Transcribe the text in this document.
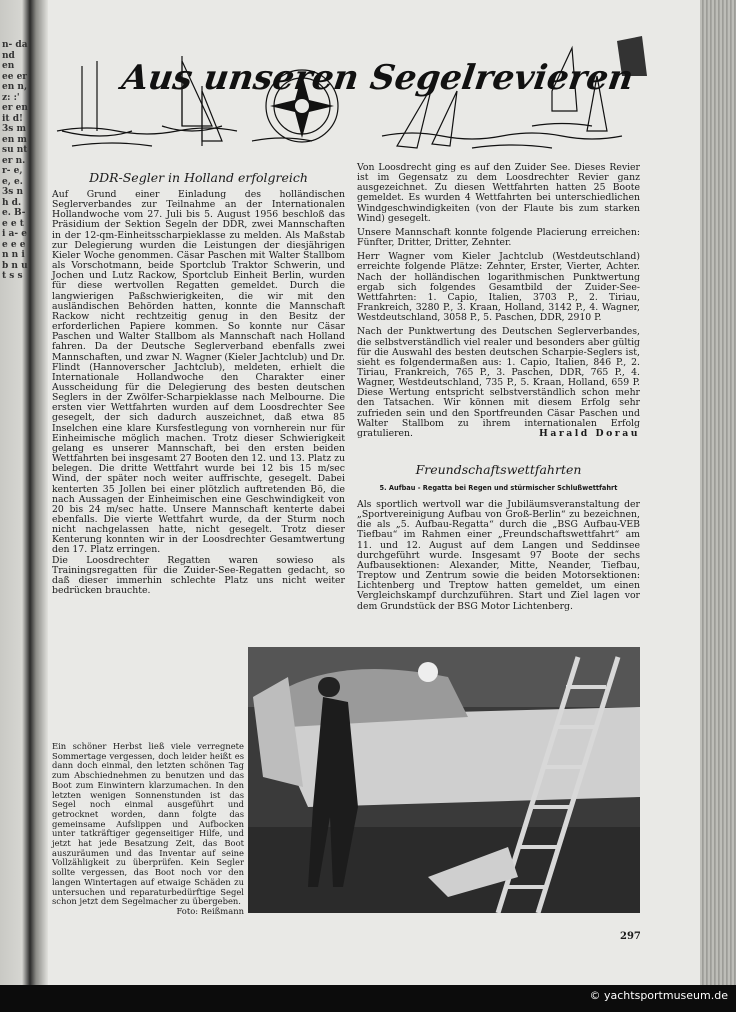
n- da nd en ee er en n, z: :' er en it d! 3s m en m su nt er n. r- e, e, e. 3s n h d. e. B- e e t i a- e e e e n n i b n u t s s
Aus unseren Segelrevieren
DDR-Segler in Holland erfolgreich

Auf Grund einer Einladung des holländischen Seglerverbandes zur Teilnahme an der Internationalen Hollandwoche vom 27. Juli bis 5. August 1956 beschloß das Präsidium der Sektion Segeln der DDR, zwei Mannschaften in der 12-qm-Einheitsscharpieklasse zu melden. Als Maßstab zur Delegierung wurden die Leistungen der diesjährigen Kieler Woche genommen. Cäsar Paschen mit Walter Stallbom als Vorschotmann, beide Sportclub Traktor Schwerin, und Jochen und Lutz Rackow, Sportclub Einheit Berlin, wurden für diese wertvollen Regatten gemeldet. Durch die langwierigen Paßschwierigkeiten, die wir mit den ausländischen Behörden hatten, konnte die Mannschaft Rackow nicht rechtzeitig genug in den Besitz der erforderlichen Papiere kommen. So konnte nur Cäsar Paschen und Walter Stallbom als Mannschaft nach Holland fahren. Da der Deutsche Seglerverband ebenfalls zwei Mannschaften, und zwar N. Wagner (Kieler Jachtclub) und Dr. Flindt (Hannoverscher Jachtclub), meldeten, erhielt die Internationale Hollandwoche den Charakter einer Ausscheidung für die Delegierung des besten deutschen Seglers in der Zwölfer-Scharpieklasse nach Melbourne. Die ersten vier Wettfahrten wurden auf dem Loosdrechter See gesegelt, der sich dadurch auszeichnet, daß etwa 85 Inselchen eine klare Kursfestlegung von vornherein nur für Einheimische möglich machen. Trotz dieser Schwierigkeit gelang es unserer Mannschaft, bei den ersten beiden Wettfahrten bei insgesamt 27 Booten den 12. und 13. Platz zu belegen. Die dritte Wettfahrt wurde bei 12 bis 15 m/sec Wind, der später noch weiter auffrischte, gesegelt. Dabei kenterten 35 Jollen bei einer plötzlich auftretenden Bö, die nach Aussagen der Einheimischen eine Geschwindigkeit von 20 bis 24 m/sec hatte. Unsere Mannschaft kenterte dabei ebenfalls. Die vierte Wettfahrt wurde, da der Sturm noch nicht nachgelassen hatte, nicht gesegelt. Trotz dieser Kenterung konnten wir in der Loosdrechter Gesamtwertung den 17. Platz erringen.

Die Loosdrechter Regatten waren sowieso als Trainingsregatten für die Zuider-See-Regatten gedacht, so daß dieser immerhin schlechte Platz uns nicht weiter bedrücken brauchte.

Von Loosdrecht ging es auf den Zuider See. Dieses Revier ist im Gegensatz zu dem Loosdrechter Revier ganz ausgezeichnet. Zu diesen Wettfahrten hatten 25 Boote gemeldet. Es wurden 4 Wettfahrten bei unterschiedlichen Windgeschwindigkeiten (von der Flaute bis zum starken Wind) gesegelt.

Unsere Mannschaft konnte folgende Placierung erreichen: Fünfter, Dritter, Dritter, Zehnter.

Herr Wagner vom Kieler Jachtclub (Westdeutschland) erreichte folgende Plätze: Zehnter, Erster, Vierter, Achter. Nach der holländischen logarithmischen Punktwertung ergab sich folgendes Gesamtbild der Zuider-See-Wettfahrten: 1. Capio, Italien, 3703 P., 2. Tiriau, Frankreich, 3280 P., 3. Kraan, Holland, 3142 P., 4. Wagner, Westdeutschland, 3058 P., 5. Paschen, DDR, 2910 P.

Nach der Punktwertung des Deutschen Seglerverbandes, die selbstverständlich viel realer und besonders aber gültig für die Auswahl des besten deutschen Scharpie-Seglers ist, sieht es folgendermaßen aus: 1. Capio, Italien, 846 P., 2. Tiriau, Frankreich, 765 P., 3. Paschen, DDR, 765 P., 4. Wagner, Westdeutschland, 735 P., 5. Kraan, Holland, 659 P. Diese Wertung entspricht selbstverständlich schon mehr den Tatsachen. Wir können mit diesem Erfolg sehr zufrieden sein und den Sportfreunden Cäsar Paschen und Walter Stallbom zu ihrem internationalen Erfolg gratulieren.	Harald Dorau

Freundschaftswettfahrten
5. Aufbau - Regatta bei Regen und stürmischer Schlußwettfahrt

Als sportlich wertvoll war die Jubiläumsveranstaltung der „Sportvereinigung Aufbau von Groß-Berlin“ zu bezeichnen, die als „5. Aufbau-Regatta“ durch die „BSG Aufbau-VEB Tiefbau“ im Rahmen einer „Freundschaftswettfahrt“ am 11. und 12. August auf dem Langen und Seddinsee durchgeführt wurde. Insgesamt 97 Boote der sechs Aufbausektionen: Alexander, Mitte, Neander, Tiefbau, Treptow und Zentrum sowie die beiden Motorsektionen: Lichtenberg und Treptow hatten gemeldet, um einen Vergleichskampf durchzuführen. Start und Ziel lagen vor dem Grundstück der BSG Motor Lichtenberg.

Ein schöner Herbst ließ viele verregnete Sommertage vergessen, doch leider heißt es dann doch einmal, den letzten schönen Tag zum Abschiednehmen zu benutzen und das Boot zum Einwintern klarzumachen. In den letzten wenigen Sonnenstunden ist das Segel noch einmal ausgeführt und getrocknet worden, dann folgte das gemeinsame Aufslippen und Aufbocken unter tatkräftiger gegenseitiger Hilfe, und jetzt hat jede Besatzung Zeit, das Boot auszuräumen und das Inventar auf seine Vollzähligkeit zu überprüfen. Kein Segler sollte vergessen, das Boot noch vor den langen Wintertagen auf etwaige Schäden zu untersuchen und reparaturbedürftige Segel schon jetzt dem Segelmacher zu übergeben.
Foto: Reißmann
297
© yachtsportmuseum.de
